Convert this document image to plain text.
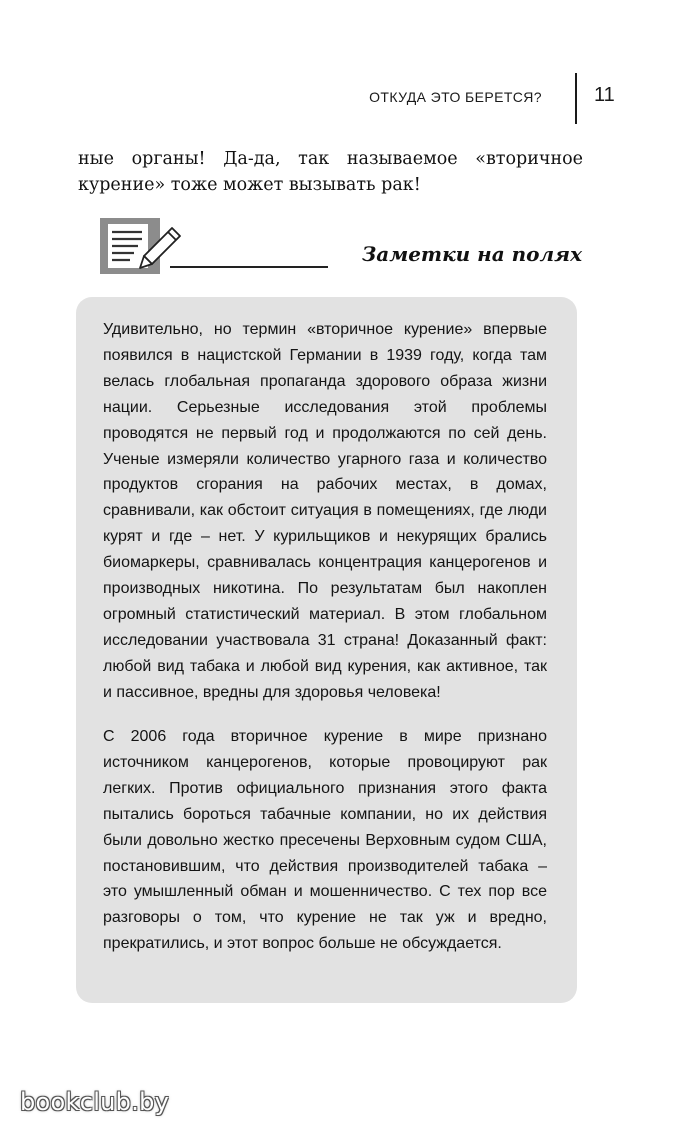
ОТКУДА ЭТО БЕРЕТСЯ?	11

ные органы! Да-да, так называемое «вторичное курение» тоже может вызывать рак!

Заметки на полях

Удивительно, но термин «вторичное курение» впервые появился в нацистской Германии в 1939 году, когда там велась глобальная пропаганда здорового образа жизни нации. Серьезные исследования этой проблемы проводятся не первый год и продолжаются по сей день. Ученые измеряли количество угарного газа и количество продуктов сгорания на рабочих местах, в домах, сравнивали, как обстоит ситуация в помещениях, где люди курят и где – нет. У курильщиков и некурящих брались биомаркеры, сравнивалась концентрация канцерогенов и производных никотина. По результатам был накоплен огромный статистический материал. В этом глобальном исследовании участвовала 31 страна! Доказанный факт: любой вид табака и любой вид курения, как активное, так и пассивное, вредны для здоровья человека!

С 2006 года вторичное курение в мире признано источником канцерогенов, которые провоцируют рак легких. Против официального признания этого факта пытались бороться табачные компании, но их действия были довольно жестко пресечены Верховным судом США, постановившим, что действия производителей табака – это умышленный обман и мошенничество. С тех пор все разговоры о том, что курение не так уж и вредно, прекратились, и этот вопрос больше не обсуждается.

bookclub.by
